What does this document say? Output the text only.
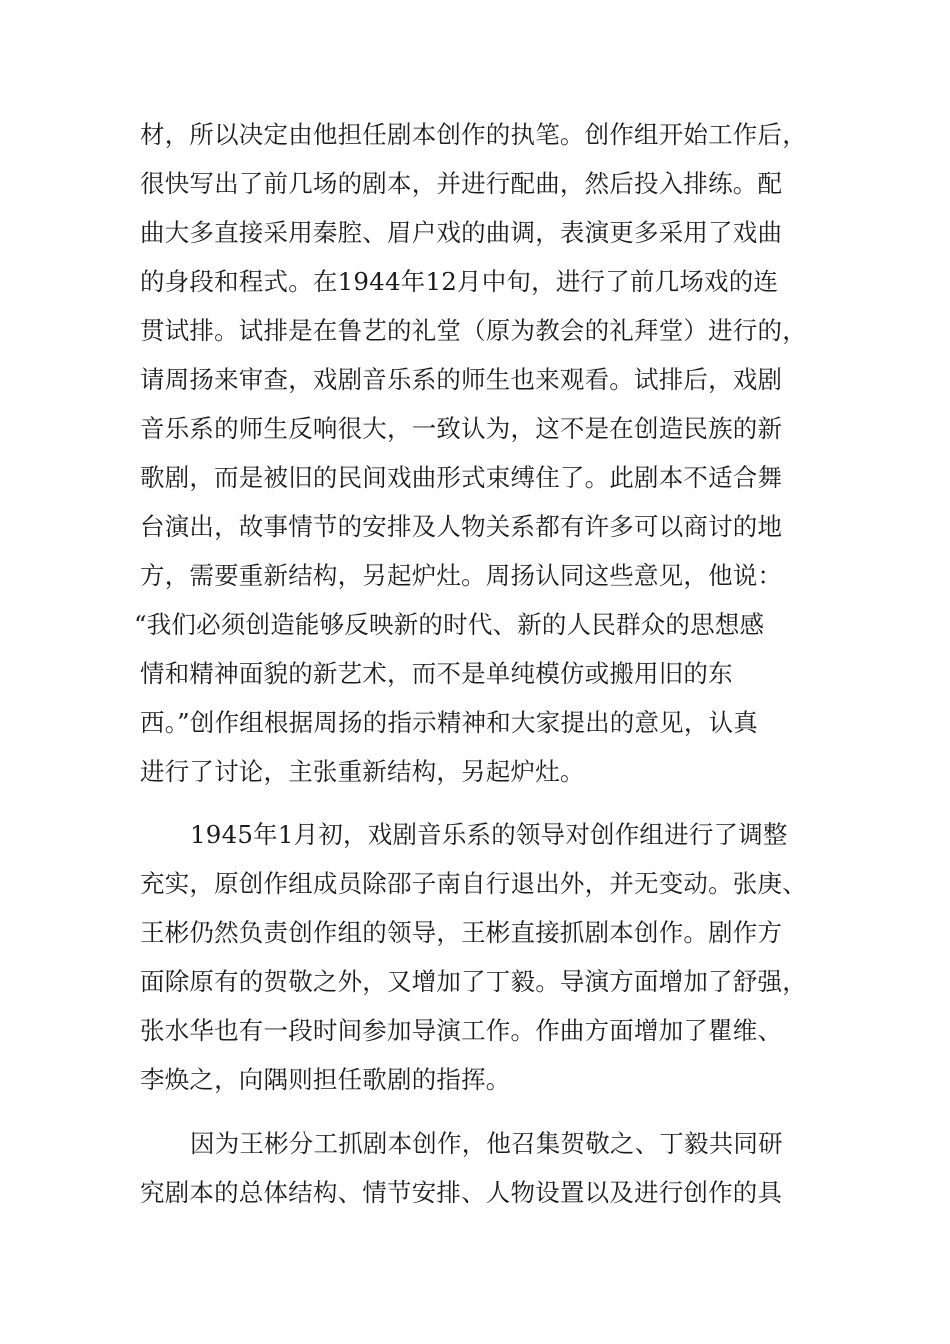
材，所以决定由他担任剧本创作的执笔。创作组开始工作后，
很快写出了前几场的剧本，并进行配曲，然后投入排练。配
曲大多直接采用秦腔、眉户戏的曲调，表演更多采用了戏曲
的身段和程式。在1944年12月中旬，进行了前几场戏的连
贯试排。试排是在鲁艺的礼堂（原为教会的礼拜堂）进行的，
请周扬来审查，戏剧音乐系的师生也来观看。试排后，戏剧
音乐系的师生反响很大，一致认为，这不是在创造民族的新
歌剧，而是被旧的民间戏曲形式束缚住了。此剧本不适合舞
台演出，故事情节的安排及人物关系都有许多可以商讨的地
方，需要重新结构，另起炉灶。周扬认同这些意见，他说：
“我们必须创造能够反映新的时代、新的人民群众的思想感
情和精神面貌的新艺术，而不是单纯模仿或搬用旧的东
西。”创作组根据周扬的指示精神和大家提出的意见，认真
进行了讨论，主张重新结构，另起炉灶。
1945年1月初，戏剧音乐系的领导对创作组进行了调整
充实，原创作组成员除邵子南自行退出外，并无变动。张庚、
王彬仍然负责创作组的领导，王彬直接抓剧本创作。剧作方
面除原有的贺敬之外，又增加了丁毅。导演方面增加了舒强，
张水华也有一段时间参加导演工作。作曲方面增加了瞿维、
李焕之，向隅则担任歌剧的指挥。
因为王彬分工抓剧本创作，他召集贺敬之、丁毅共同研
究剧本的总体结构、情节安排、人物设置以及进行创作的具
